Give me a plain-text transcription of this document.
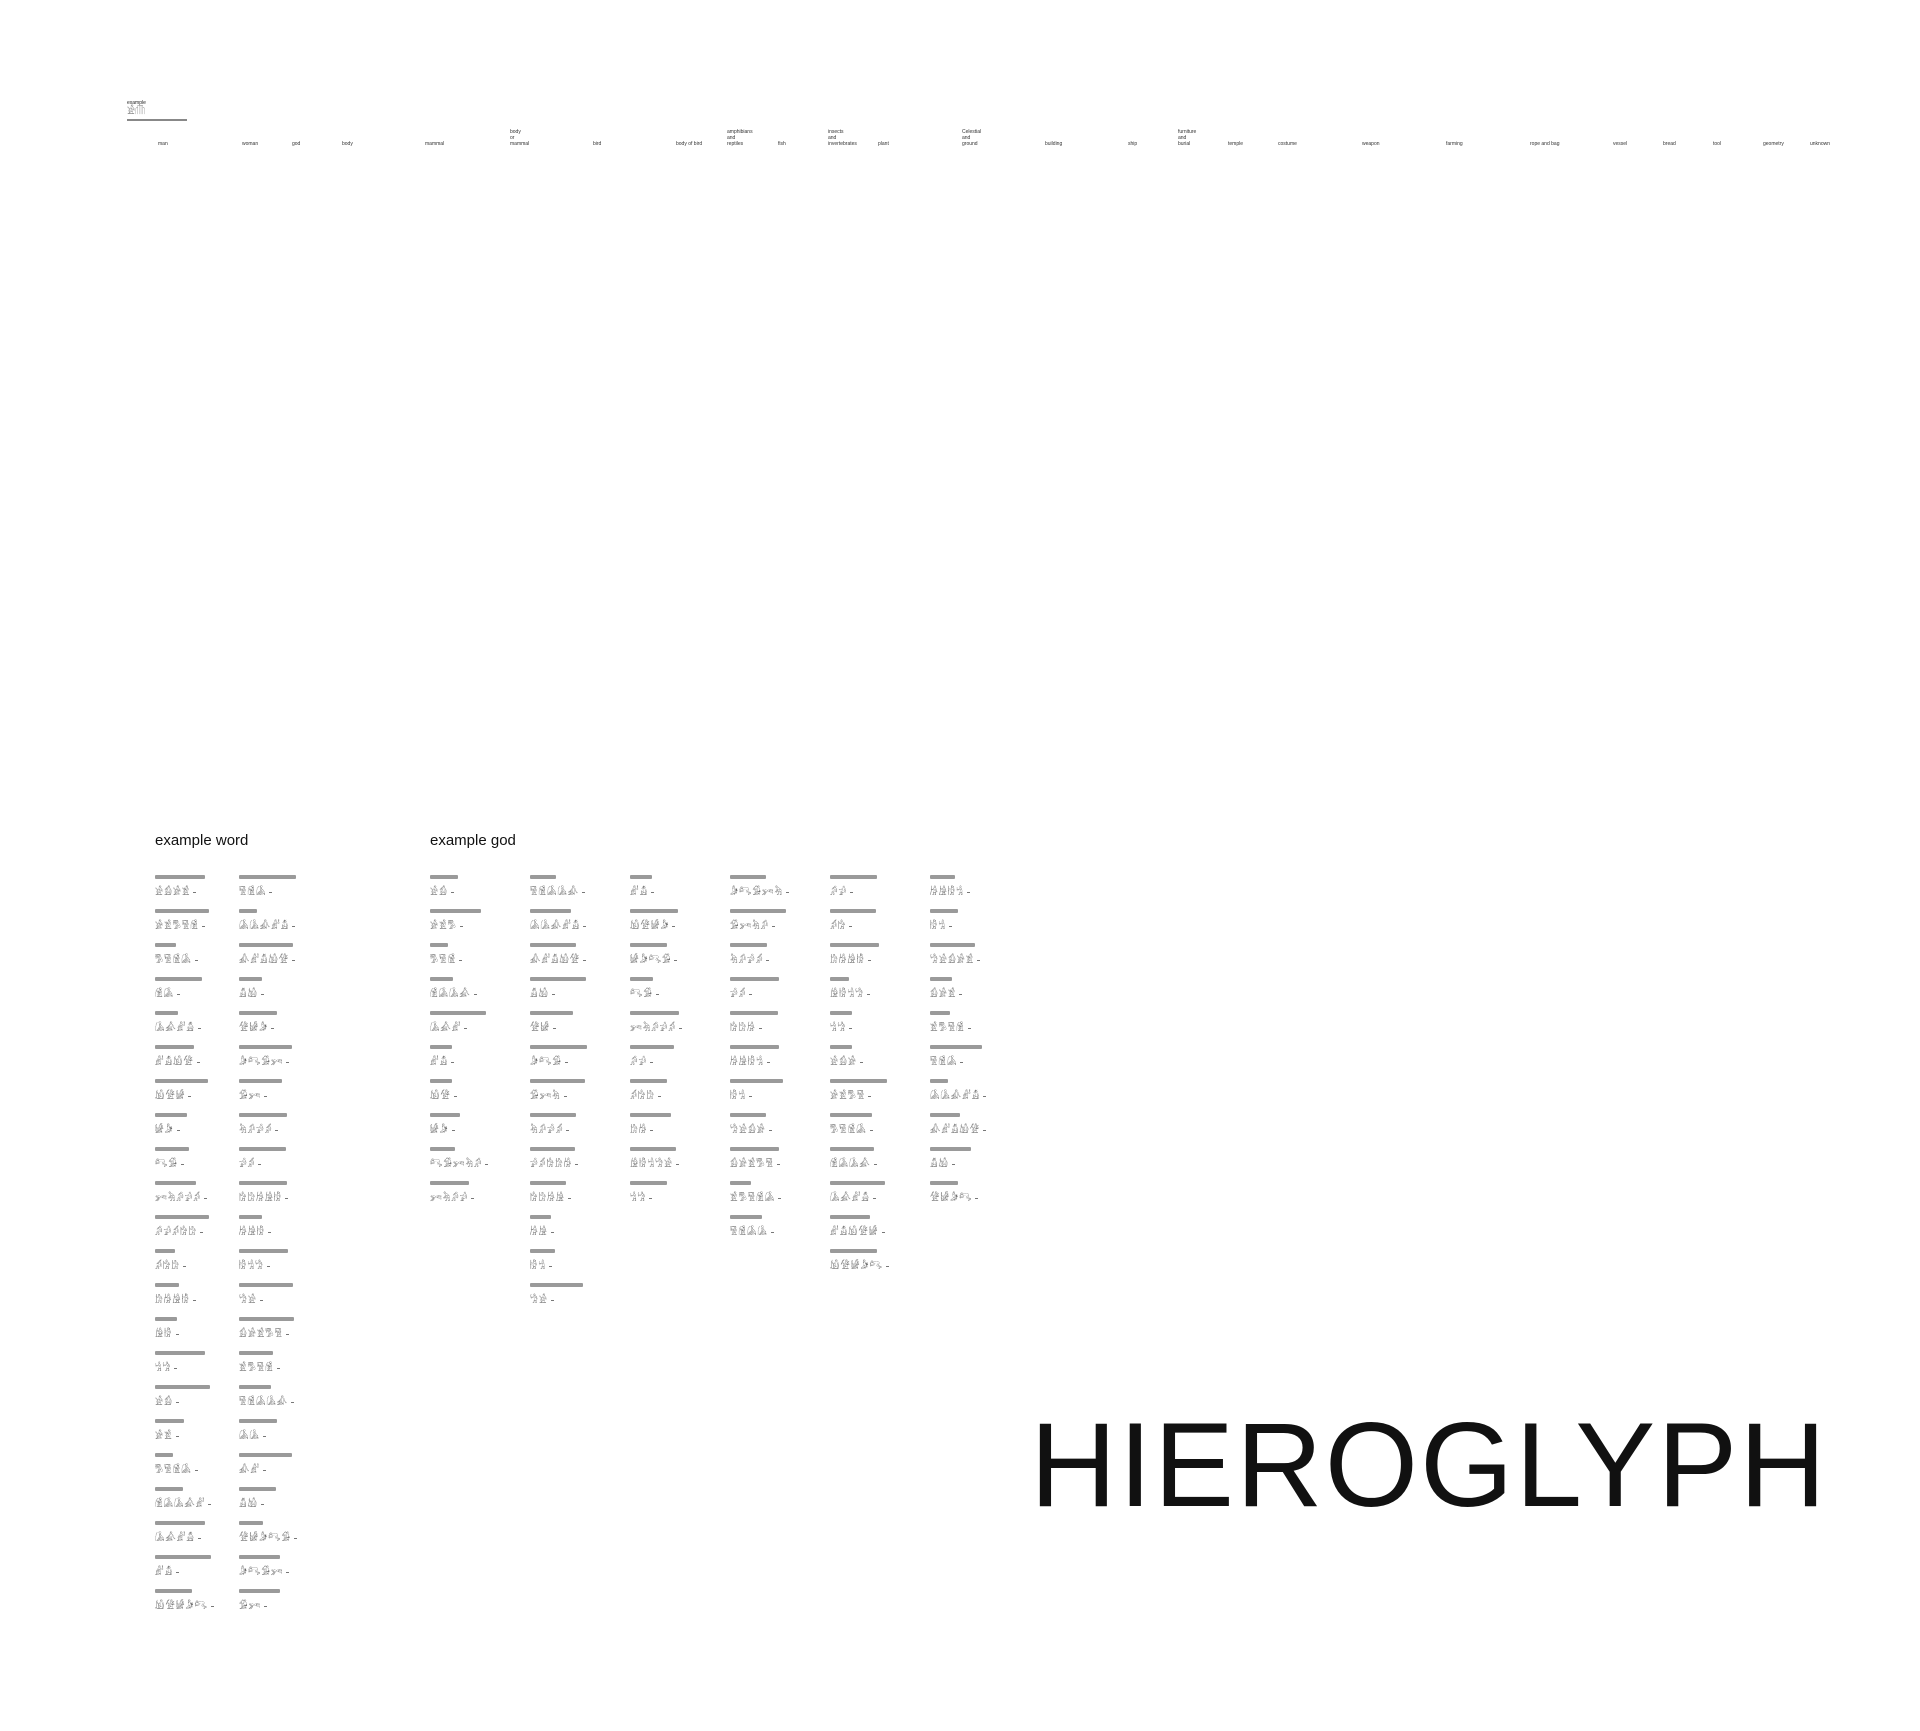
example
𓀀𓏆
man	woman	god	body	mammal
body
or
mammal	bird	body of bird
amphibians
and
reptiles	fish
insects
and
invertebrates	plant
Celestial
and
ground	building	ship
furniture
and
burial	temple	costume	weapon	farming	rope and bag	vessel	bread	tool	geometry	unknown
example word
𓀀𓀁𓀂𓀃
𓀂𓀃𓀄𓀅𓀆
𓀄𓀅𓀆𓀇
𓀆𓀇
𓀈𓀉𓀊𓀋
𓀊𓀋𓀌𓀍
𓀌𓀍𓀎
𓀎𓀏
𓀐𓀑
𓀒𓀓𓀔𓀕𓀖
𓀔𓀕𓀖𓀗𓀘
𓀖𓀗𓀘
𓀘𓀙𓀚𓀛
𓀚𓀛
𓀜𓀝
𓀀𓀁
𓀂𓀃
𓀄𓀅𓀆𓀇
𓀆𓀇𓀈𓀉𓀊
𓀈𓀉𓀊𓀋
𓀊𓀋
𓀌𓀍𓀎𓀏𓀐
𓀅𓀆𓀇
𓀇𓀈𓀉𓀊𓀋
𓀉𓀊𓀋𓀌𓀍
𓀋𓀌
𓀍𓀎𓀏
𓀏𓀐𓀑𓀒
𓀑𓀒
𓀓𓀔𓀕𓀖
𓀕𓀖
𓀗𓀘𓀙𓀚𓀛
𓀙𓀚𓀛
𓀛𓀜𓀝
𓀝𓀀
𓀁𓀂𓀃𓀄𓀅
𓀃𓀄𓀅𓀆
𓀅𓀆𓀇𓀈𓀉
𓀇𓀈
𓀉𓀊
𓀋𓀌
𓀍𓀎𓀏𓀐𓀑
𓀏𓀐𓀑𓀒
𓀑𓀒
example god
𓀀𓀁
𓀂𓀃𓀄
𓀄𓀅𓀆
𓀆𓀇𓀈𓀉
𓀈𓀉𓀊
𓀊𓀋
𓀌𓀍
𓀎𓀏
𓀐𓀑𓀒𓀓𓀔
𓀒𓀓𓀔𓀕
𓀅𓀆𓀇𓀈𓀉
𓀇𓀈𓀉𓀊𓀋
𓀉𓀊𓀋𓀌𓀍
𓀋𓀌
𓀍𓀎
𓀏𓀐𓀑
𓀑𓀒𓀓
𓀓𓀔𓀕𓀖
𓀕𓀖𓀗𓀘𓀙
𓀗𓀘𓀙𓀚
𓀙𓀚
𓀛𓀜
𓀝𓀀
𓀊𓀋
𓀌𓀍𓀎𓀏
𓀎𓀏𓀐𓀑
𓀐𓀑
𓀒𓀓𓀔𓀕𓀖
𓀔𓀕
𓀖𓀗𓀘
𓀘𓀙
𓀚𓀛𓀜𓀝𓀀
𓀜𓀝
𓀏𓀐𓀑𓀒𓀓
𓀑𓀒𓀓𓀔
𓀓𓀔𓀕𓀖
𓀕𓀖
𓀗𓀘𓀙
𓀙𓀚𓀛𓀜
𓀛𓀜
𓀝𓀀𓀁𓀂
𓀁𓀂𓀃𓀄𓀅
𓀃𓀄𓀅𓀆𓀇
𓀅𓀆𓀇𓀈
𓀔𓀕
𓀖𓀗
𓀘𓀙𓀚𓀛
𓀚𓀛𓀜𓀝
𓀜𓀝
𓀀𓀁𓀂
𓀂𓀃𓀄𓀅
𓀄𓀅𓀆𓀇
𓀆𓀇𓀈𓀉
𓀈𓀉𓀊𓀋
𓀊𓀋𓀌𓀍𓀎
𓀌𓀍𓀎𓀏𓀐
𓀙𓀚𓀛𓀜
𓀛𓀜
𓀝𓀀𓀁𓀂𓀃
𓀁𓀂𓀃
𓀃𓀄𓀅𓀆
𓀅𓀆𓀇
𓀇𓀈𓀉𓀊𓀋
𓀉𓀊𓀋𓀌𓀍
𓀋𓀌
𓀍𓀎𓀏𓀐
HIEROGLYPH
